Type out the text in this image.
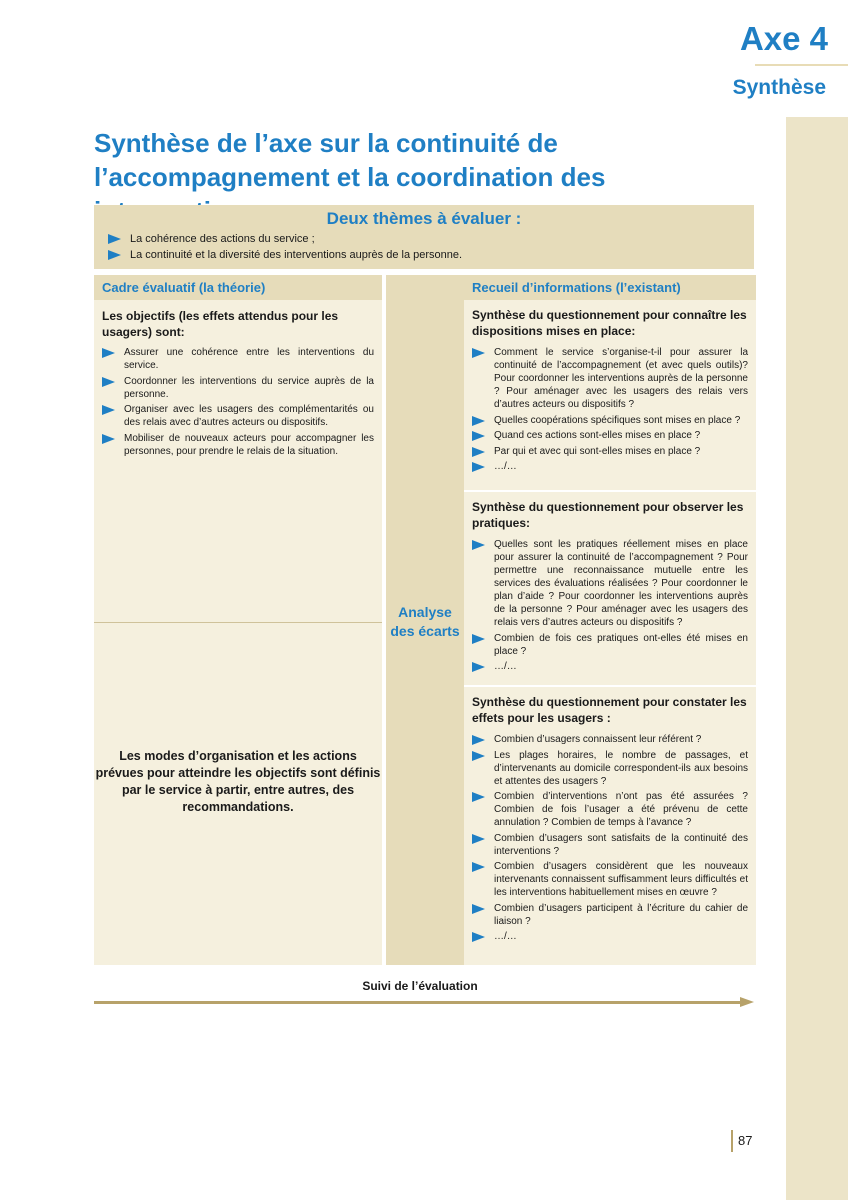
Axe 4
Synthèse
Synthèse de l’axe sur la continuité de l’accompagnement et la coordination des
Deux thèmes à évaluer :
La cohérence des actions du service ;
La continuité et la diversité des interventions auprès de la personne.
Cadre évaluatif (la théorie)
Les objectifs (les effets attendus pour les usagers) sont:
Assurer une cohérence entre les interventions du service.
Coordonner les interventions du service auprès de la personne.
Organiser avec les usagers des complémentarités ou des relais avec d’autres acteurs ou dispositifs.
Mobiliser de nouveaux acteurs pour accompagner les personnes, pour prendre le relais de la situation.
Les modes d’organisation et les actions prévues pour atteindre les objectifs sont définis par le service à partir, entre autres, des recommandations.
Analyse des écarts
Recueil d’informations (l’existant)
Synthèse du questionnement pour connaître les dispositions mises en place:
Comment le service s’organise-t-il pour assurer la continuité de l’accompagnement (et avec quels outils)? Pour coordonner les interventions auprès de la personne ? Pour aménager avec les usagers des relais vers d’autres acteurs ou dispositifs ?
Quelles coopérations spécifiques sont mises en place ?
Quand ces actions sont-elles mises en place ?
Par qui et avec qui sont-elles mises en place ?
…/…
Synthèse du questionnement pour observer les pratiques:
Quelles sont les pratiques réellement mises en place pour assurer la continuité de l’accompagnement ? Pour permettre une reconnaissance mutuelle entre les services des évaluations réalisées ? Pour coordonner le plan d’aide ? Pour coordonner les interventions auprès de la personne ? Pour aménager avec les usagers des relais vers d’autres acteurs ou dispositifs ?
Combien de fois ces pratiques ont-elles été mises en place ?
…/…
Synthèse du questionnement pour constater les effets pour les usagers :
Combien d’usagers connaissent leur référent ?
Les plages horaires, le nombre de passages, et d’intervenants au domicile correspondent-ils aux besoins et attentes des usagers ?
Combien d’interventions n’ont pas été assurées ? Combien de fois l’usager a été prévenu de cette annulation ? Combien de temps à l’avance ?
Combien d’usagers sont satisfaits de la continuité des interventions ?
Combien d’usagers considèrent que les nouveaux intervenants connaissent suffisamment leurs difficultés et les interventions habituellement mises en œuvre ?
Combien d’usagers participent à l’écriture du cahier de liaison ?
…/…
Suivi de l’évaluation
87
